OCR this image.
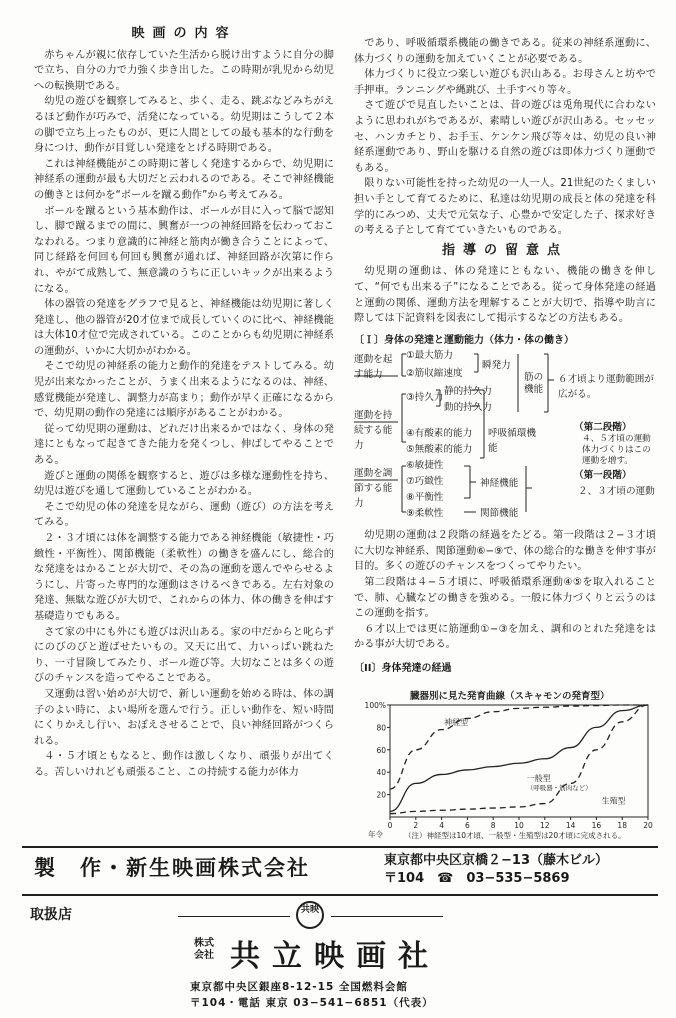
映画の内容

赤ちゃんが親に依存していた生活から脱け出すように自分の脚で立ち、自分の力で力強く歩き出した。この時期が乳児から幼児への転換期である。

幼児の遊びを観察してみると、歩く、走る、跳ぶなどみちがえるほど動作が巧みで、活発になっている。幼児期はこうして２本の脚で立ち上ったものが、更に人間としての最も基本的な行動を身につけ、動作が目覚しい発達をとげる時期である。

これは神経機能がこの時期に著しく発達するからで、幼児期に神経系の運動が最も大切だと云われるのである。そこで神経機能の働きとは何かを“ボールを蹴る動作”から考えてみる。

ボールを蹴るという基本動作は、ボールが目に入って脳で認知し、脚で蹴るまでの間に、興奮が一つの神経回路を伝わっておこなわれる。つまり意識的に神経と筋肉が働き合うことによって、同じ経路を何回も何回も興奮が通れば、神経回路が次第に作られ、やがて成熟して、無意識のうちに正しいキックが出来るようになる。

体の器管の発達をグラフで見ると、神経機能は幼児期に著しく発達し、他の器管が20才位まで成長していくのに比べ、神経機能は大体10才位で完成されている。このことからも幼児期に神経系の運動が、いかに大切かがわかる。

そこで幼児の神経系の能力と動作的発達をテストしてみる。幼児が出来なかったことが、うまく出来るようになるのは、神経、感覚機能が発達し、調整力が高まり；動作が早く正確になるからで、幼児期の動作の発達には順序があることがわかる。

従って幼児期の運動は、どれだけ出来るかではなく、身体の発達にともなって起きてきた能力を発くつし、伸ばしてやることである。

遊びと運動の関係を観察すると、遊びは多様な運動性を持ち、幼児は遊びを通して運動していることがわかる。

そこで幼児の体の発達を見ながら、運動（遊び）の方法を考えてみる。

２・３才頃には体を調整する能力である神経機能（敏捷性・巧緻性・平衡性）、関節機能（柔軟性）の働きを盛んにし、総合的な発達をはかることが大切で、その為の運動を選んでやらせるようにし、片寄った専門的な運動はさけるべきである。左右対象の発達、無駄な遊びが大切で、これからの体力、体の働きを伸ばす基礎造りでもある。

さて家の中にも外にも遊びは沢山ある。家の中だからと叱らずにのびのびと遊ばせたいもの。又天に出て、力いっぱい跳ねたり、一寸冒険してみたり、ボール遊び等。大切なことは多くの遊びのチャンスを造ってやることである。

又運動は習い始めが大切で、新しい運動を始める時は、体の調子のよい時に、よい場所を選んで行う。正しい動作を、短い時間にくりかえし行い、おぼえさせることで、良い神経回路がつくられる。

４・５才頃ともなると、動作は激しくなり、頑張りが出てくる。苦しいけれども頑張ること、この持続する能力が体力

であり、呼吸循環系機能の働きである。従来の神経系運動に、体力づくりの運動を加えていくことが必要である。

体力づくりに役立つ楽しい遊びも沢山ある。お母さんと坊やで手押車。ランニングや縄跳び、土手すべり等々。

さて遊びで見直したいことは、昔の遊びは兎角現代に合わないように思われがちであるが、素晴しい遊びが沢山ある。セッセッセ、ハンカチとり、お手玉、ケンケン飛び等々は、幼児の良い神経系運動であり、野山を駆ける自然の遊びは即体力づくり運動でもある。

限りない可能性を持った幼児の一人一人。21世紀のたくましい担い手として育てるために、私達は幼児期の成長と体の発達を科学的にみつめ、丈夫で元気な子、心豊かで安定した子、探求好きの考える子として育てていきたいものである。

指導の留意点

幼児期の運動は、体の発達にともない、機能の働きを伸して、“何でも出来る子”になることである。従って身体発達の経過と運動の関係、運動方法を理解することが大切で、指導や助言に際しては下記資料を図表にして掲示するなどの方法もある。

〔Ｉ〕身体の発達と運動能力（体力・体の働き）
運動を起す能力
①最大筋力
②筋収縮速度
瞬発力
筋の機能
６才頃より運動範囲が広がる。
運動を持続する能力
③持久力
静的持久力
動的持久力
④有酸素的能力
⑤無酸素的能力
呼吸循環機能
（第二段階）
４、５才頃の運動体力づくりはこの運動を増す。
運動を調節する能力
⑥敏捷性
⑦巧緻性
⑧平衡性
⑨柔軟性
神経機能
関節機能
（第一段階）
２、３才頃の運動

幼児期の運動は２段階の経過をたどる。第一段階は２−３才頃に大切な神経系、関節運動⑥−⑨で、体の総合的な働きを伸す事が目的。多くの遊びのチャンスをつくってやりたい。

第二段階は４−５才頃に、呼吸循環系運動④⑤を取入れることで、肺、心臓などの働きを強める。一般に体力づくりと云うのはこの運動を指す。

６才以上では更に筋運動①−③を加え、調和のとれた発達をはかる事が大切である。

〔II〕身体発達の経過
臓器別に見た発育曲線（スキャモンの発育型）
100%
80
60
40
20
0	2	4	6	8 10 12 14 16 18 20
年令
神経型
一般型
（呼吸器・筋肉など）
生殖型
（注）神経型は10才頃、一般型・生殖型は20才頃に完成される。
製　作・新生映画株式会社	東京都中央区京橋２−13（藤木ビル）
〒104　☎　03−535−5869
取扱店	共映
株式会社 共立映画社
東京都中央区銀座8-12-15 全国燃料会館
〒104・電話 東京 03−541−6851（代表）
